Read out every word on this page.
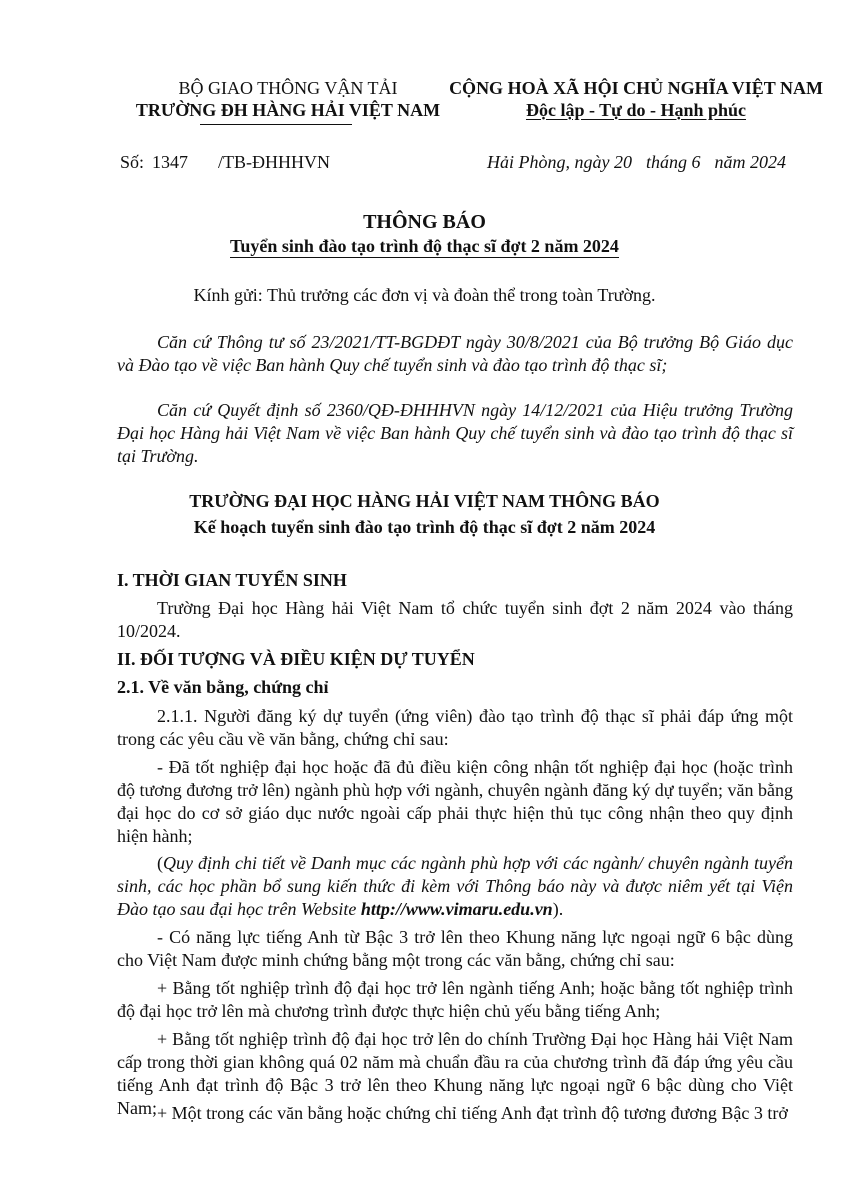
BỘ GIAO THÔNG VẬN TẢI
TRƯỜNG ĐH HÀNG HẢI VIỆT NAM
CỘNG HOÀ XÃ HỘI CHỦ NGHĨA VIỆT NAM
Độc lập - Tự do - Hạnh phúc
Số: 1347 /TB-ĐHHHVN	Hải Phòng, ngày 20 tháng 6 năm 2024
THÔNG BÁO
Tuyển sinh đào tạo trình độ thạc sĩ đợt 2 năm 2024
Kính gửi: Thủ trưởng các đơn vị và đoàn thể trong toàn Trường.
Căn cứ Thông tư số 23/2021/TT-BGDĐT ngày 30/8/2021 của Bộ trưởng Bộ Giáo dục và Đào tạo về việc Ban hành Quy chế tuyển sinh và đào tạo trình độ thạc sĩ;
Căn cứ Quyết định số 2360/QĐ-ĐHHHVN ngày 14/12/2021 của Hiệu trưởng Trường Đại học Hàng hải Việt Nam về việc Ban hành Quy chế tuyển sinh và đào tạo trình độ thạc sĩ tại Trường.
TRƯỜNG ĐẠI HỌC HÀNG HẢI VIỆT NAM THÔNG BÁO
Kế hoạch tuyển sinh đào tạo trình độ thạc sĩ đợt 2 năm 2024
I. THỜI GIAN TUYỂN SINH
Trường Đại học Hàng hải Việt Nam tổ chức tuyển sinh đợt 2 năm 2024 vào tháng 10/2024.
II. ĐỐI TƯỢNG VÀ ĐIỀU KIỆN DỰ TUYỂN
2.1. Về văn bằng, chứng chỉ
2.1.1. Người đăng ký dự tuyển (ứng viên) đào tạo trình độ thạc sĩ phải đáp ứng một trong các yêu cầu về văn bằng, chứng chỉ sau:
- Đã tốt nghiệp đại học hoặc đã đủ điều kiện công nhận tốt nghiệp đại học (hoặc trình độ tương đương trở lên) ngành phù hợp với ngành, chuyên ngành đăng ký dự tuyển; văn bằng đại học do cơ sở giáo dục nước ngoài cấp phải thực hiện thủ tục công nhận theo quy định hiện hành;
(Quy định chi tiết về Danh mục các ngành phù hợp với các ngành/ chuyên ngành tuyển sinh, các học phần bổ sung kiến thức đi kèm với Thông báo này và được niêm yết tại Viện Đào tạo sau đại học trên Website http://www.vimaru.edu.vn).
- Có năng lực tiếng Anh từ Bậc 3 trở lên theo Khung năng lực ngoại ngữ 6 bậc dùng cho Việt Nam được minh chứng bằng một trong các văn bằng, chứng chỉ sau:
+ Bằng tốt nghiệp trình độ đại học trở lên ngành tiếng Anh; hoặc bằng tốt nghiệp trình độ đại học trở lên mà chương trình được thực hiện chủ yếu bằng tiếng Anh;
+ Bằng tốt nghiệp trình độ đại học trở lên do chính Trường Đại học Hàng hải Việt Nam cấp trong thời gian không quá 02 năm mà chuẩn đầu ra của chương trình đã đáp ứng yêu cầu tiếng Anh đạt trình độ Bậc 3 trở lên theo Khung năng lực ngoại ngữ 6 bậc dùng cho Việt Nam; + Một trong các văn bằng hoặc chứng chỉ tiếng Anh đạt trình độ tương đương Bậc 3 trở
